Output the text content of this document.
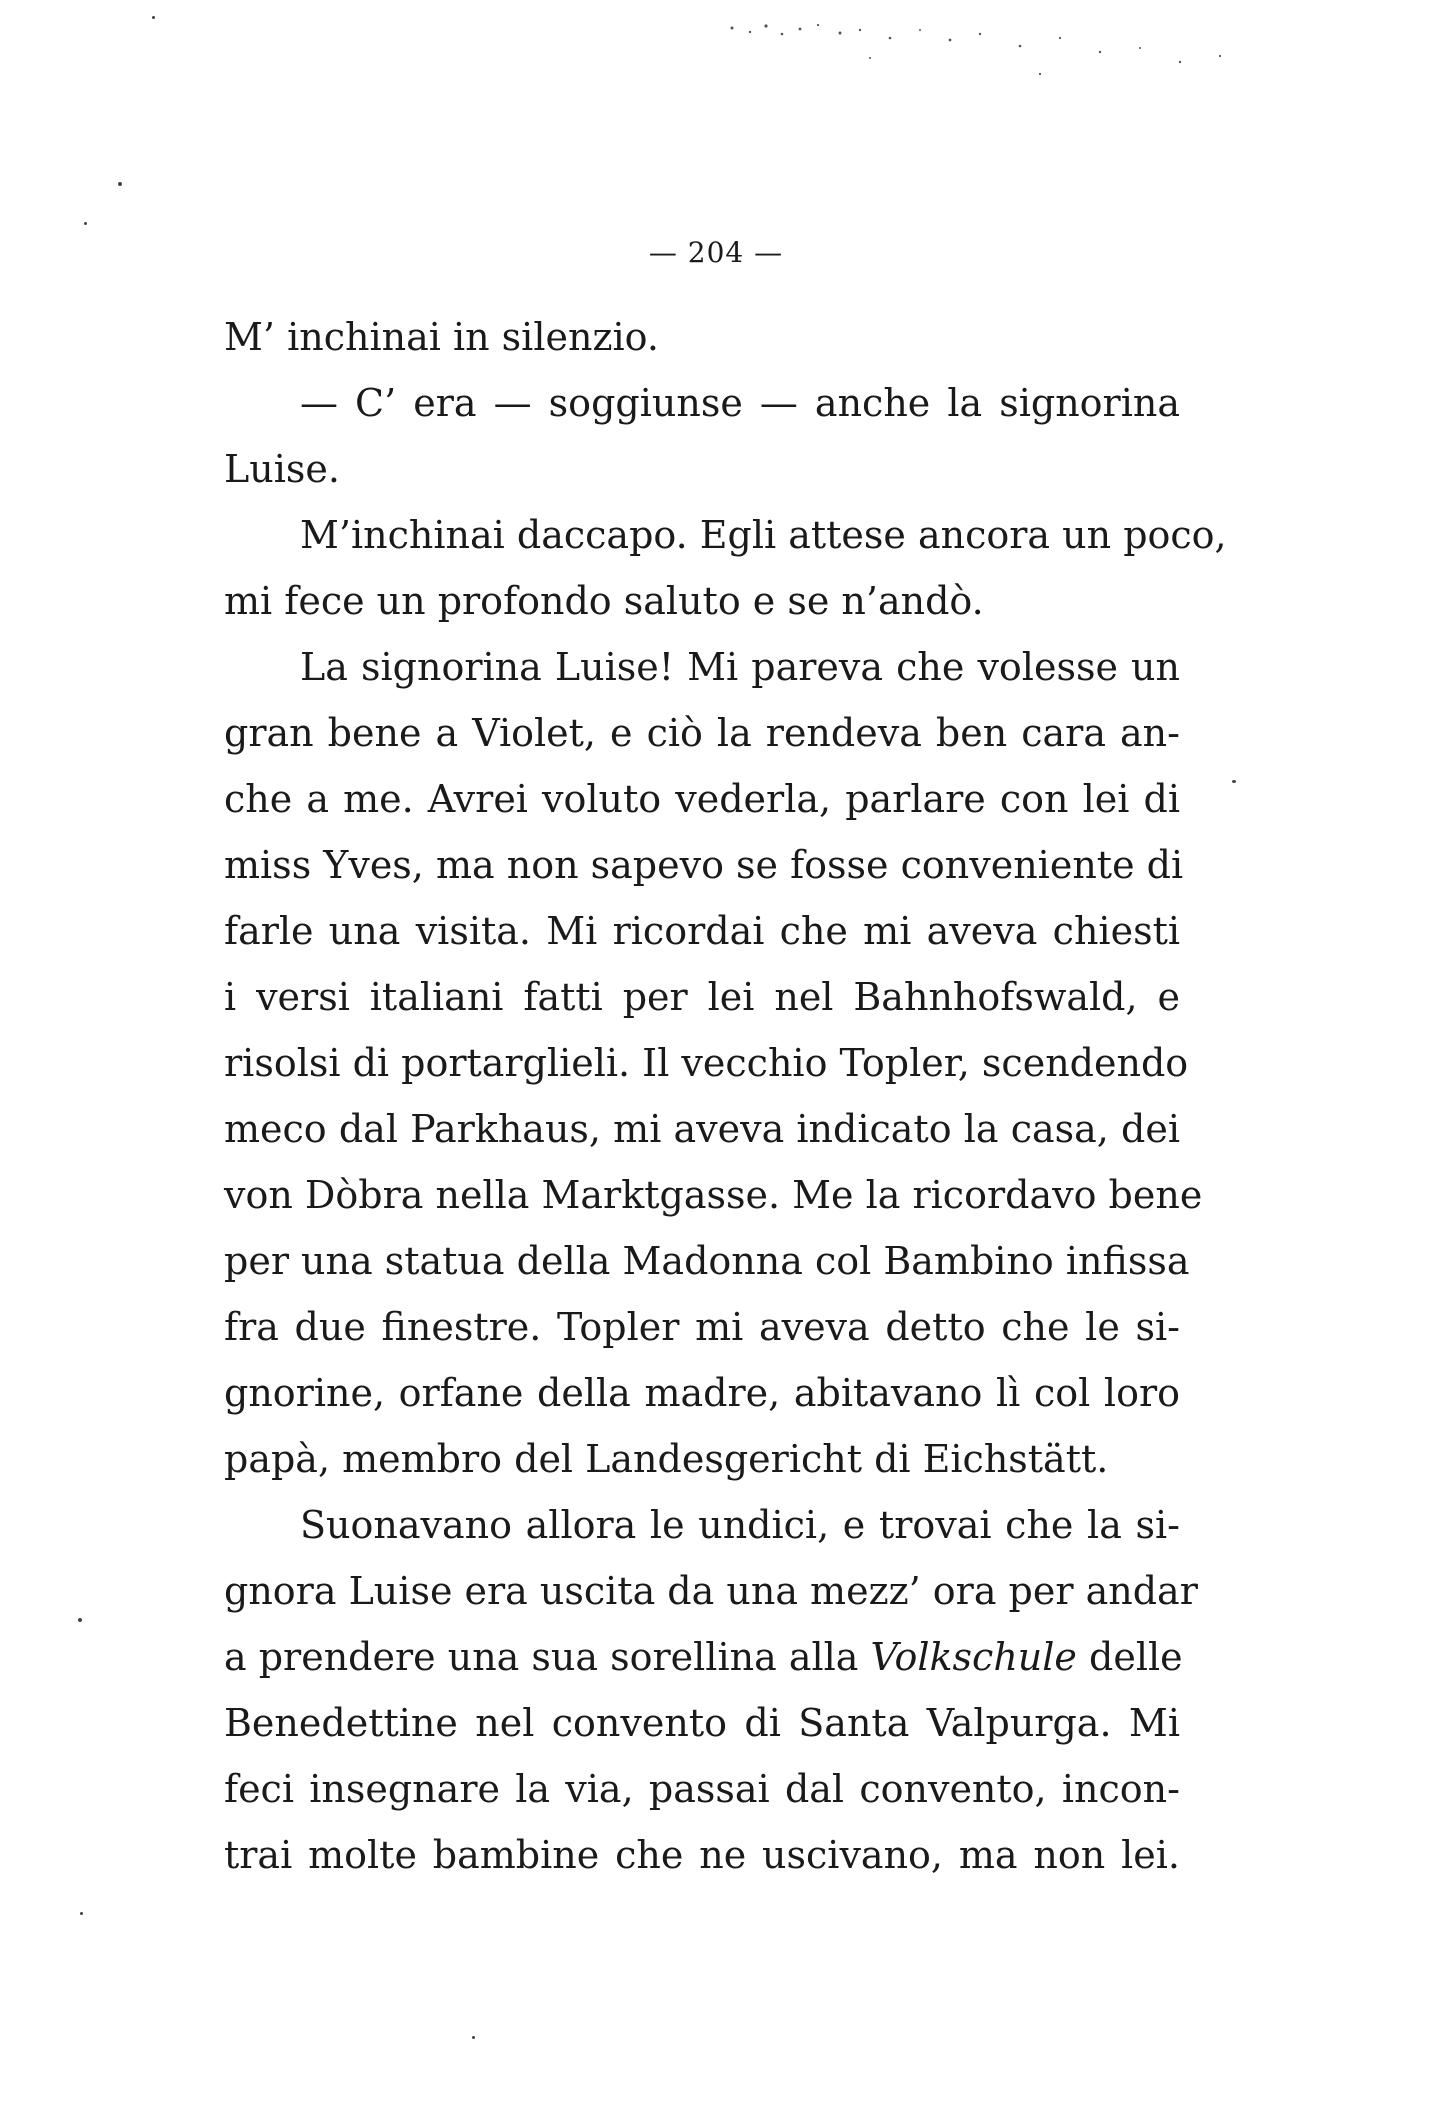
— 204 —
M’ inchinai in silenzio.
— C’ era — soggiunse — anche la signorina
Luise.
M’inchinai daccapo. Egli attese ancora un poco,
mi fece un profondo saluto e se n’andò.
La signorina Luise! Mi pareva che volesse un
gran bene a Violet, e ciò la rendeva ben cara an-
che a me. Avrei voluto vederla, parlare con lei di
miss Yves, ma non sapevo se fosse conveniente di
farle una visita. Mi ricordai che mi aveva chiesti
i versi italiani fatti per lei nel Bahnhofswald, e
risolsi di portarglieli. Il vecchio Topler, scendendo
meco dal Parkhaus, mi aveva indicato la casa, dei
von Dòbra nella Marktgasse. Me la ricordavo bene
per una statua della Madonna col Bambino infissa
fra due finestre. Topler mi aveva detto che le si-
gnorine, orfane della madre, abitavano lì col loro
papà, membro del Landesgericht di Eichstätt.
Suonavano allora le undici, e trovai che la si-
gnora Luise era uscita da una mezz’ ora per andar
a prendere una sua sorellina alla Volkschule delle
Benedettine nel convento di Santa Valpurga. Mi
feci insegnare la via, passai dal convento, incon-
trai molte bambine che ne uscivano, ma non lei.
